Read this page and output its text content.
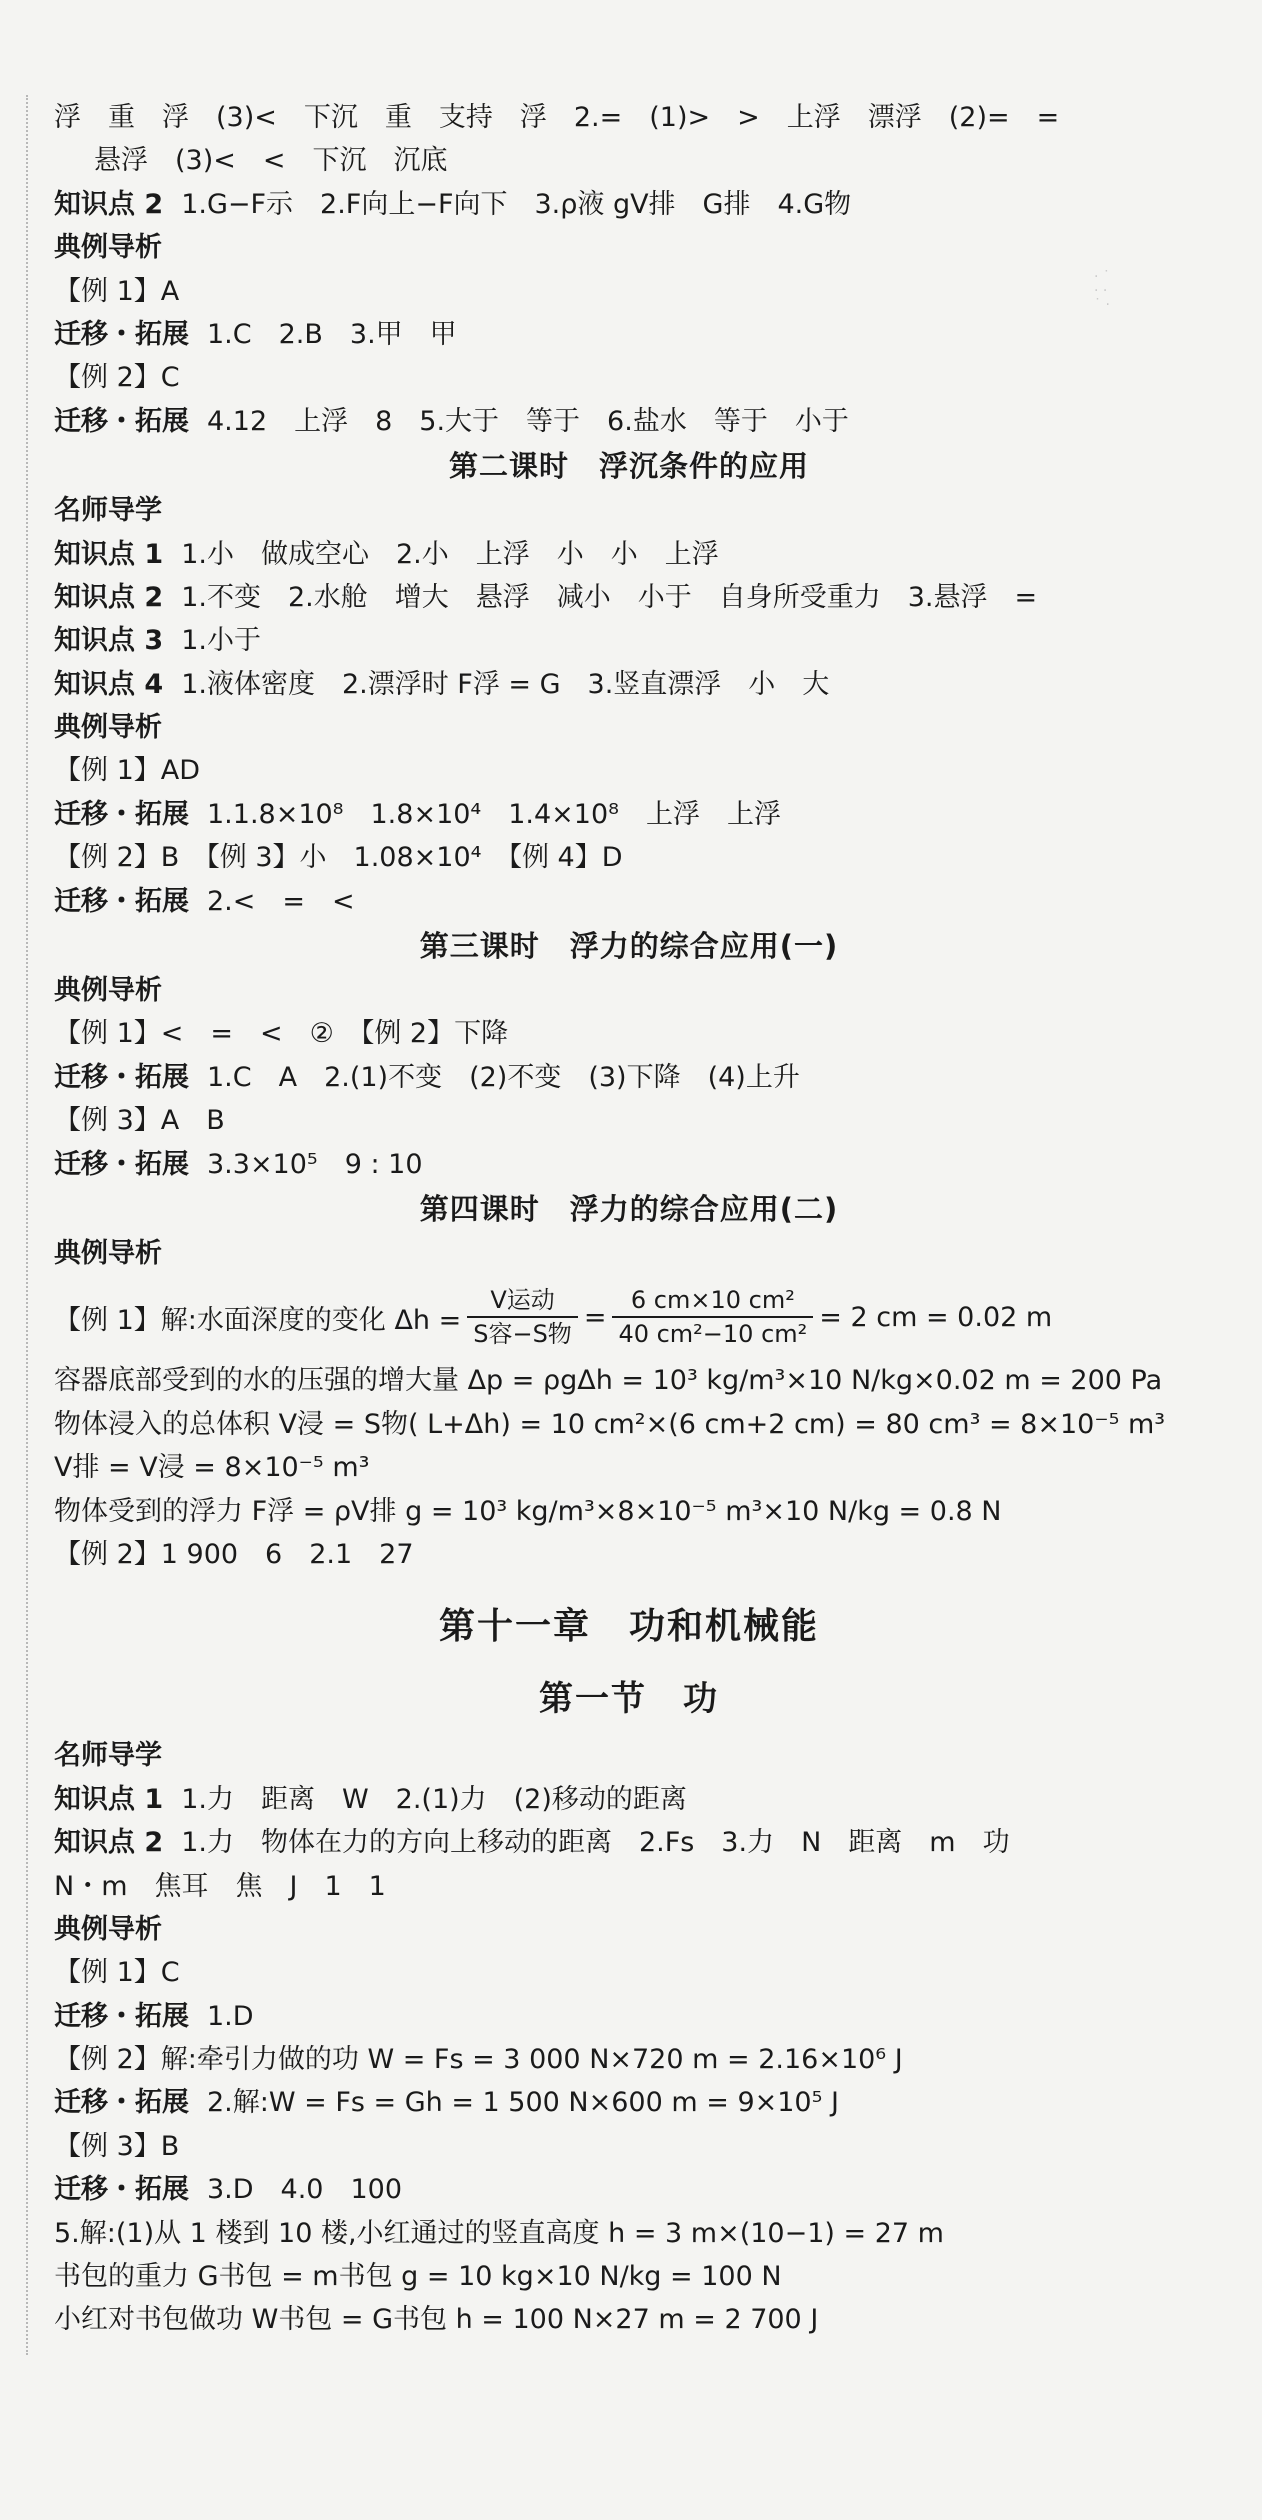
· ˙
· ·
˙ ·
浮　重　浮　(3)<　下沉　重　支持　浮　2.=　(1)>　>　上浮　漂浮　(2)=　=
悬浮　(3)<　<　下沉　沉底
知识点 2 1.G−F示　2.F向上−F向下　3.ρ液 gV排　G排　4.G物
典例导析
【例 1】A
迁移・拓展 1.C　2.B　3.甲　甲
【例 2】C
迁移・拓展 4.12　上浮　8　5.大于　等于　6.盐水　等于　小于
第二课时　浮沉条件的应用
名师导学
知识点 1 1.小　做成空心　2.小　上浮　小　小　上浮
知识点 2 1.不变　2.水舱　增大　悬浮　减小　小于　自身所受重力　3.悬浮　=
知识点 3 1.小于
知识点 4 1.液体密度　2.漂浮时 F浮 = G　3.竖直漂浮　小　大
典例导析
【例 1】AD
迁移・拓展 1.1.8×10⁸　1.8×10⁴　1.4×10⁸　上浮　上浮
【例 2】B　【例 3】小　1.08×10⁴　【例 4】D
迁移・拓展 2.<　=　<
第三课时　浮力的综合应用(一)
典例导析
【例 1】<　=　<　②　【例 2】下降
迁移・拓展 1.C　A　2.(1)不变　(2)不变　(3)下降　(4)上升
【例 3】A　B
迁移・拓展 3.3×10⁵　9 : 10
第四课时　浮力的综合应用(二)
典例导析
【例 1】解:水面深度的变化 $\Delta h = \frac{\text{V运动}}{\text{S容−S物}} = \frac{\text{6 cm×10 cm²}}{\text{40 cm²−10 cm²}} = 2$ cm = 0.02 m
容器底部受到的水的压强的增大量 Δp = ρgΔh = 10³ kg/m³×10 N/kg×0.02 m = 200 Pa
物体浸入的总体积 V浸 = S物( L+Δh) = 10 cm²×(6 cm+2 cm) = 80 cm³ = 8×10⁻⁵ m³
V排 = V浸 = 8×10⁻⁵ m³
物体受到的浮力 F浮 = ρV排 g = 10³ kg/m³×8×10⁻⁵ m³×10 N/kg = 0.8 N
【例 2】1 900　6　2.1　27
第十一章　功和机械能
第一节　功
名师导学
知识点 1 1.力　距离　W　2.(1)力　(2)移动的距离
知识点 2 1.力　物体在力的方向上移动的距离　2.Fs　3.力　N　距离　m　功
N・m　焦耳　焦　J　1　1
典例导析
【例 1】C
迁移・拓展 1.D
【例 2】解:牵引力做的功 W = Fs = 3 000 N×720 m = 2.16×10⁶ J
迁移・拓展 2.解:W = Fs = Gh = 1 500 N×600 m = 9×10⁵ J
【例 3】B
迁移・拓展 3.D　4.0　100
5.解:(1)从 1 楼到 10 楼,小红通过的竖直高度 h = 3 m×(10−1) = 27 m
书包的重力 G书包 = m书包 g = 10 kg×10 N/kg = 100 N
小红对书包做功 W书包 = G书包 h = 100 N×27 m = 2 700 J
